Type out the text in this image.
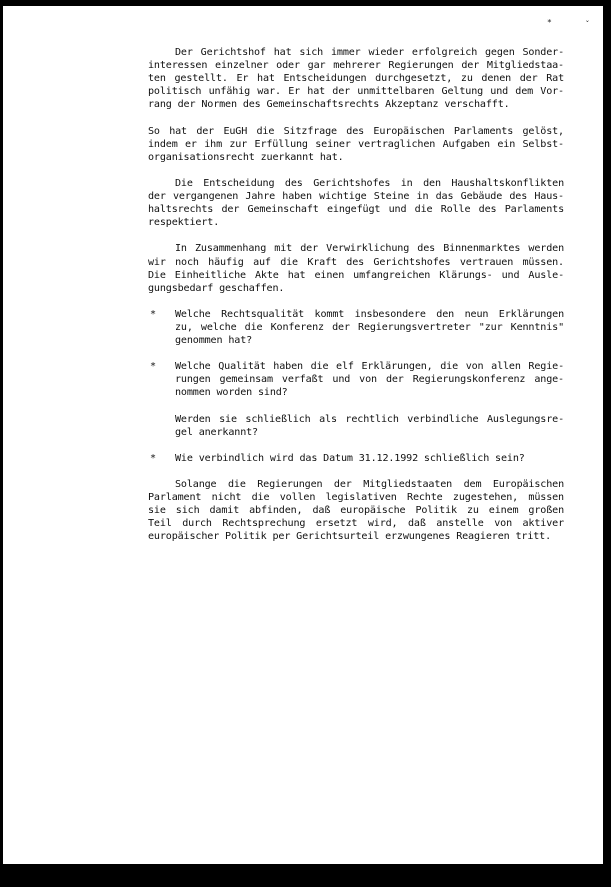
*	ˇ
Der Gerichtshof hat sich immer wieder erfolgreich gegen Sonder-
interessen einzelner oder gar mehrerer Regierungen der Mitgliedstaa-
ten gestellt. Er hat Entscheidungen durchgesetzt, zu denen der Rat
politisch unfähig war. Er hat der unmittelbaren Geltung und dem Vor-
rang der Normen des Gemeinschaftsrechts Akzeptanz verschafft.
So hat der EuGH die Sitzfrage des Europäischen Parlaments gelöst,
indem er ihm zur Erfüllung seiner vertraglichen Aufgaben ein Selbst-
organisationsrecht zuerkannt hat.
Die Entscheidung des Gerichtshofes in den Haushaltskonflikten
der vergangenen Jahre haben wichtige Steine in das Gebäude des Haus-
haltsrechts der Gemeinschaft eingefügt und die Rolle des Parlaments
respektiert.
In Zusammenhang mit der Verwirklichung des Binnenmarktes werden
wir noch häufig auf die Kraft des Gerichtshofes vertrauen müssen.
Die Einheitliche Akte hat einen umfangreichen Klärungs- und Ausle-
gungsbedarf geschaffen.
* Welche Rechtsqualität kommt insbesondere den neun Erklärungen
zu, welche die Konferenz der Regierungsvertreter "zur Kenntnis"
genommen hat?
* Welche Qualität haben die elf Erklärungen, die von allen Regie-
rungen gemeinsam verfaßt und von der Regierungskonferenz ange-
nommen worden sind?
Werden sie schließlich als rechtlich verbindliche Auslegungsre-
gel anerkannt?
* Wie verbindlich wird das Datum 31.12.1992 schließlich sein?
Solange die Regierungen der Mitgliedstaaten dem Europäischen
Parlament nicht die vollen legislativen Rechte zugestehen, müssen
sie sich damit abfinden, daß europäische Politik zu einem großen
Teil durch Rechtsprechung ersetzt wird, daß anstelle von aktiver
europäischer Politik per Gerichtsurteil erzwungenes Reagieren tritt.
